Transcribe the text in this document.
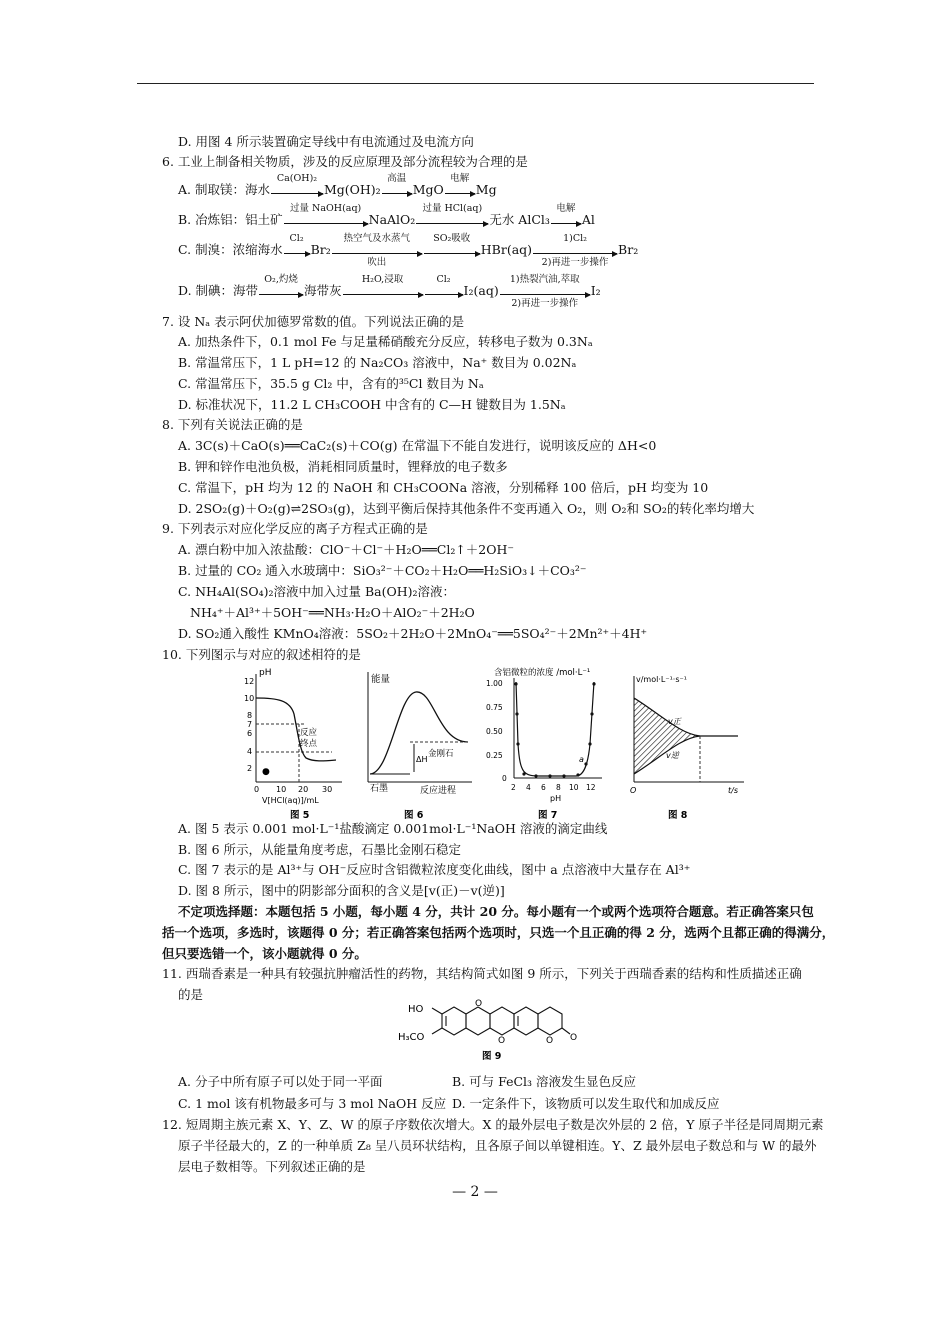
D. 用图 4 所示装置确定导线中有电流通过及电流方向
6. 工业上制备相关物质，涉及的反应原理及部分流程较为合理的是
A. 制取镁：海水
Ca(OH)₂
Mg(OH)₂
高温
MgO
电解
Mg
B. 冶炼铝：铝土矿
过量 NaOH(aq)
NaAlO₂
过量 HCl(aq)
无水 AlCl₃
电解
Al
C. 制溴：浓缩海水
Cl₂
Br₂
热空气及水蒸气
吹出
SO₂吸收
HBr(aq)
1)Cl₂
2)再进一步操作
Br₂
D. 制碘：海带
O₂,灼烧
海带灰
H₂O,浸取	Cl₂
I₂(aq)
1)热裂汽油,萃取
2)再进一步操作
I₂
7. 设 Nₐ 表示阿伏加德罗常数的值。下列说法正确的是
A. 加热条件下，0.1 mol Fe 与足量稀硝酸充分反应，转移电子数为 0.3Nₐ
B. 常温常压下，1 L pH=12 的 Na₂CO₃ 溶液中，Na⁺ 数目为 0.02Nₐ
C. 常温常压下，35.5 g Cl₂ 中，含有的³⁵Cl 数目为 Nₐ
D. 标准状况下，11.2 L CH₃COOH 中含有的 C—H 键数目为 1.5Nₐ
8. 下列有关说法正确的是
A. 3C(s)＋CaO(s)══CaC₂(s)＋CO(g) 在常温下不能自发进行，说明该反应的 ΔH<0
B. 钾和锌作电池负极，消耗相同质量时，锂释放的电子数多
C. 常温下，pH 均为 12 的 NaOH 和 CH₃COONa 溶液，分别稀释 100 倍后，pH 均变为 10
D. 2SO₂(g)＋O₂(g)⇌2SO₃(g)，达到平衡后保持其他条件不变再通入 O₂，则 O₂和 SO₂的转化率均增大
9. 下列表示对应化学反应的离子方程式正确的是
A. 漂白粉中加入浓盐酸：ClO⁻＋Cl⁻＋H₂O══Cl₂↑＋2OH⁻
B. 过量的 CO₂ 通入水玻璃中：SiO₃²⁻＋CO₂＋H₂O══H₂SiO₃↓＋CO₃²⁻
C. NH₄Al(SO₄)₂溶液中加入过量 Ba(OH)₂溶液：
NH₄⁺＋Al³⁺＋5OH⁻══NH₃·H₂O＋AlO₂⁻＋2H₂O
D. SO₂通入酸性 KMnO₄溶液：5SO₂＋2H₂O＋2MnO₄⁻══5SO₄²⁻＋2Mn²⁺＋4H⁺
10. 下列图示与对应的叙述相符的是
pH
12
10
8
7
6
4
2
反应
终点
●
0 10 20 30
V[HCl(aq)]/mL
图 5
能量
ΔH
金刚石
石墨	反应进程
图 6
含铝微粒的浓度 /mol·L⁻¹
1.00
0.75
0.50
0.25
0
a
2 4 6 8 10 12
pH
图 7
v/mol·L⁻¹·s⁻¹
v正
v逆
O	t/s
图 8
A. 图 5 表示 0.001 mol·L⁻¹盐酸滴定 0.001mol·L⁻¹NaOH 溶液的滴定曲线
B. 图 6 所示，从能量角度考虑，石墨比金刚石稳定
C. 图 7 表示的是 Al³⁺与 OH⁻反应时含铝微粒浓度变化曲线，图中 a 点溶液中大量存在 Al³⁺
D. 图 8 所示，图中的阴影部分面积的含义是[v(正)－v(逆)]
不定项选择题：本题包括 5 小题，每小题 4 分，共计 20 分。每小题有一个或两个选项符合题意。若正确答案只包
括一个选项，多选时，该题得 0 分；若正确答案包括两个选项时，只选一个且正确的得 2 分，选两个且都正确的得满分，
但只要选错一个，该小题就得 0 分。
11. 西瑞香素是一种具有较强抗肿瘤活性的药物，其结构简式如图 9 所示，下列关于西瑞香素的结构和性质描述正确
的是
HO
H₃CO
O
O	O O
图 9
A. 分子中所有原子可以处于同一平面	B. 可与 FeCl₃ 溶液发生显色反应
C. 1 mol 该有机物最多可与 3 mol NaOH 反应 D. 一定条件下，该物质可以发生取代和加成反应
12. 短周期主族元素 X、Y、Z、W 的原子序数依次增大。X 的最外层电子数是次外层的 2 倍，Y 原子半径是同周期元素
原子半径最大的，Z 的一种单质 Z₈ 呈八员环状结构，且各原子间以单键相连。Y、Z 最外层电子数总和与 W 的最外
层电子数相等。下列叙述正确的是
— 2 —
